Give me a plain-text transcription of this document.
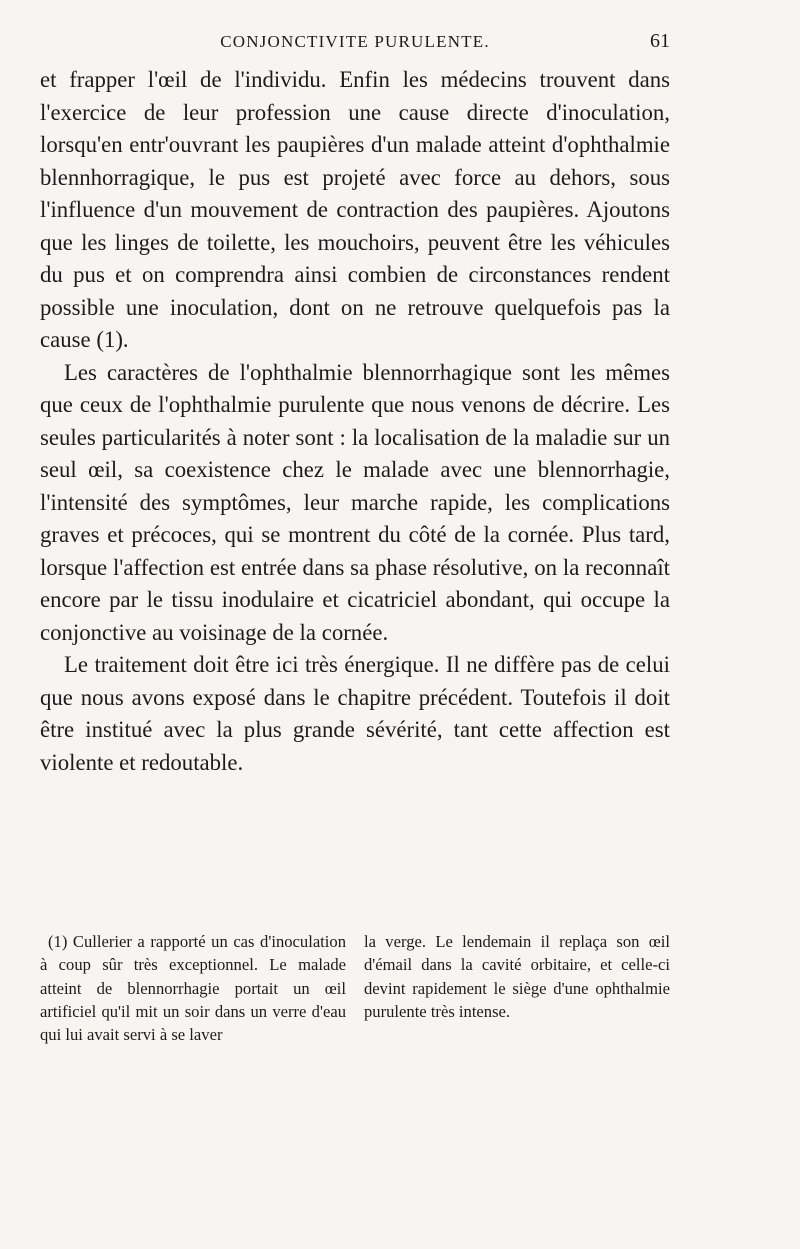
CONJONCTIVITE PURULENTE.	61

et frapper l'œil de l'individu. Enfin les médecins trouvent dans l'exercice de leur profession une cause directe d'inoculation, lorsqu'en entr'ouvrant les paupières d'un malade atteint d'ophthalmie blennhorragique, le pus est projeté avec force au dehors, sous l'influence d'un mouvement de contraction des paupières. Ajoutons que les linges de toilette, les mouchoirs, peuvent être les véhicules du pus et on comprendra ainsi combien de circonstances rendent possible une inoculation, dont on ne retrouve quelquefois pas la cause (1).

Les caractères de l'ophthalmie blennorrhagique sont les mêmes que ceux de l'ophthalmie purulente que nous venons de décrire. Les seules particularités à noter sont : la localisation de la maladie sur un seul œil, sa coexistence chez le malade avec une blennorrhagie, l'intensité des symptômes, leur marche rapide, les complications graves et précoces, qui se montrent du côté de la cornée. Plus tard, lorsque l'affection est entrée dans sa phase résolutive, on la reconnaît encore par le tissu inodulaire et cicatriciel abondant, qui occupe la conjonctive au voisinage de la cornée.

Le traitement doit être ici très énergique. Il ne diffère pas de celui que nous avons exposé dans le chapitre précédent. Toutefois il doit être institué avec la plus grande sévérité, tant cette affection est violente et redoutable.

(1) Cullerier a rapporté un cas d'inoculation à coup sûr très exceptionnel. Le malade atteint de blennorrhagie portait un œil artificiel qu'il mit un soir dans un verre d'eau qui lui avait servi à se laver

la verge. Le lendemain il replaça son œil d'émail dans la cavité orbitaire, et celle-ci devint rapidement le siège d'une ophthalmie purulente très intense.
